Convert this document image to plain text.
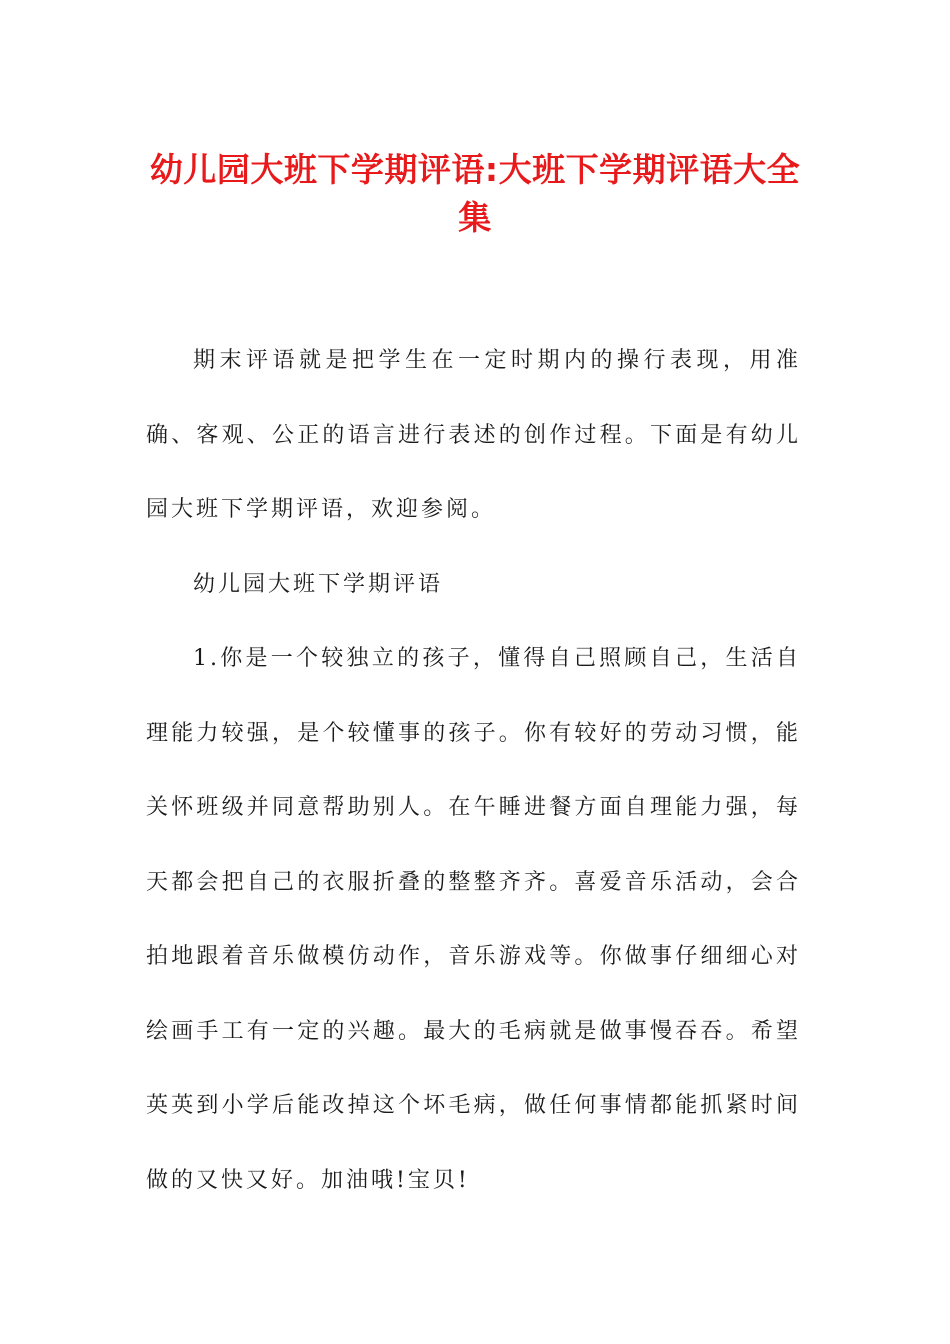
幼儿园大班下学期评语:大班下学期评语大全集

期末评语就是把学生在一定时期内的操行表现，用准确、客观、公正的语言进行表述的创作过程。下面是有幼儿园大班下学期评语，欢迎参阅。

幼儿园大班下学期评语

1.你是一个较独立的孩子，懂得自己照顾自己，生活自理能力较强，是个较懂事的孩子。你有较好的劳动习惯，能关怀班级并同意帮助别人。在午睡进餐方面自理能力强，每天都会把自己的衣服折叠的整整齐齐。喜爱音乐活动，会合拍地跟着音乐做模仿动作，音乐游戏等。你做事仔细细心对绘画手工有一定的兴趣。最大的毛病就是做事慢吞吞。希望英英到小学后能改掉这个坏毛病，做任何事情都能抓紧时间做的又快又好。加油哦!宝贝!
